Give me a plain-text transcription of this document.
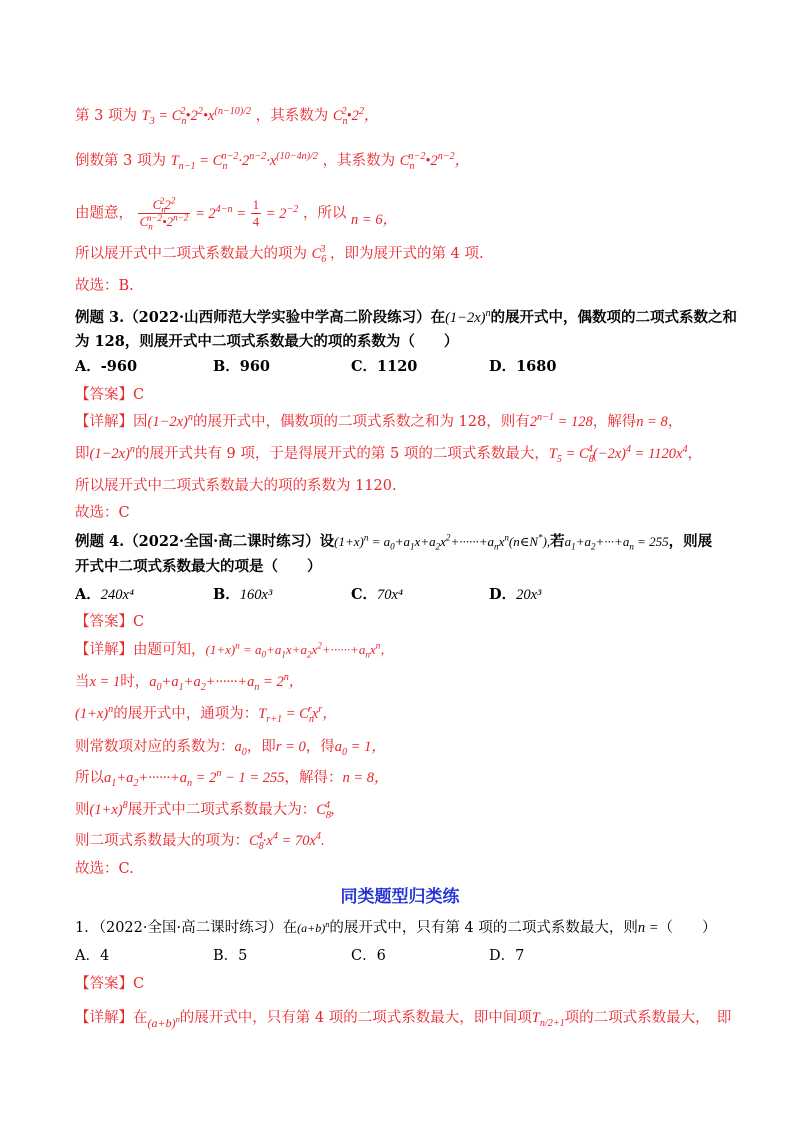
第 3 项为 $T_3$ = $C_n^2•2^2•x^{(n-10)/2}$ ，其系数为 $C_n^2•2^2$，
倒数第 3 项为 $T_{n-1} = C_n^{n-2}\cdot 2^{n-2}\cdot x^{(10-4n)/2}$ ，其系数为 $C_n^{n-2}•2^{n-2}$，
由题意， $\frac{C_n^22^2}{C_n^{n-2}•2^{n-2}} = 2^{4-n} = \frac{1}{4} = 2^{-2}$ ，所以 n = 6，
所以展开式中二项式系数最大的项为 $C_6^3$ ，即为展开式的第 4 项.
故选：B.
例题 3.（2022·山西师范大学实验中学高二阶段练习）在$(1-2x)^n$的展开式中，偶数项的二项式系数之和
为 128，则展开式中二项式系数最大的项的系数为（　　）
A．-960	B．960	C．1120	D．1680
【答案】C
【详解】因$(1-2x)^n$的展开式中，偶数项的二项式系数之和为 128，则有$2^{n-1} = 128$，解得n = 8，
即$(1-2x)^n$的展开式共有 9 项，于是得展开式的第 5 项的二项式系数最大，$T_5 = C_8^4(-2x)^4 = 1120x^4$，
所以展开式中二项式系数最大的项的系数为 1120.
故选：C
例题 4.（2022·全国·高二课时练习）设$(1+x)^n$ = $a_0+a_1x+a_2x^2+\cdot\cdot\cdot\cdot\cdot\cdot+a_nx^n(n\in N^*)$,若$a_1+a_2+\cdot\cdot\cdot+a_n = 255$，则展
开式中二项式系数最大的项是（　　）
A．240x⁴	B．160x³	C．70x⁴	D．20x³
【答案】C
【详解】由题可知，$(1+x)^n = a_0+a_1x+a_2x^2+\cdot\cdot\cdot\cdot\cdot\cdot+a_nx^n$，
当x = 1时，$a_0+a_1+a_2+\cdot\cdot\cdot\cdot\cdot\cdot+a_n = 2^n$，
$(1+x)^n$的展开式中，通项为：$T_{r+1} = C_n^rx^r$，
则常数项对应的系数为：$a_0$，即r = 0，得$a_0 = 1$，
所以$a_1+a_2+\cdot\cdot\cdot\cdot\cdot\cdot+a_n = 2^n - 1 = 255$，解得：n = 8，
则$(1+x)^8$展开式中二项式系数最大为：$C_8^4$，
则二项式系数最大的项为：$C_8^4\cdot x^4 = 70x^4$.
故选：C.
同类题型归类练
1．（2022·全国·高二课时练习）在$(a+b)^n$的展开式中，只有第 4 项的二项式系数最大，则n =（　　）
A．4	B．5	C．6	D．7
【答案】C
【详解】在$_{(a+b)^n}$的展开式中，只有第 4 项的二项式系数最大，即中间项$T_{n/2+1}$项的二项式系数最大，　即
